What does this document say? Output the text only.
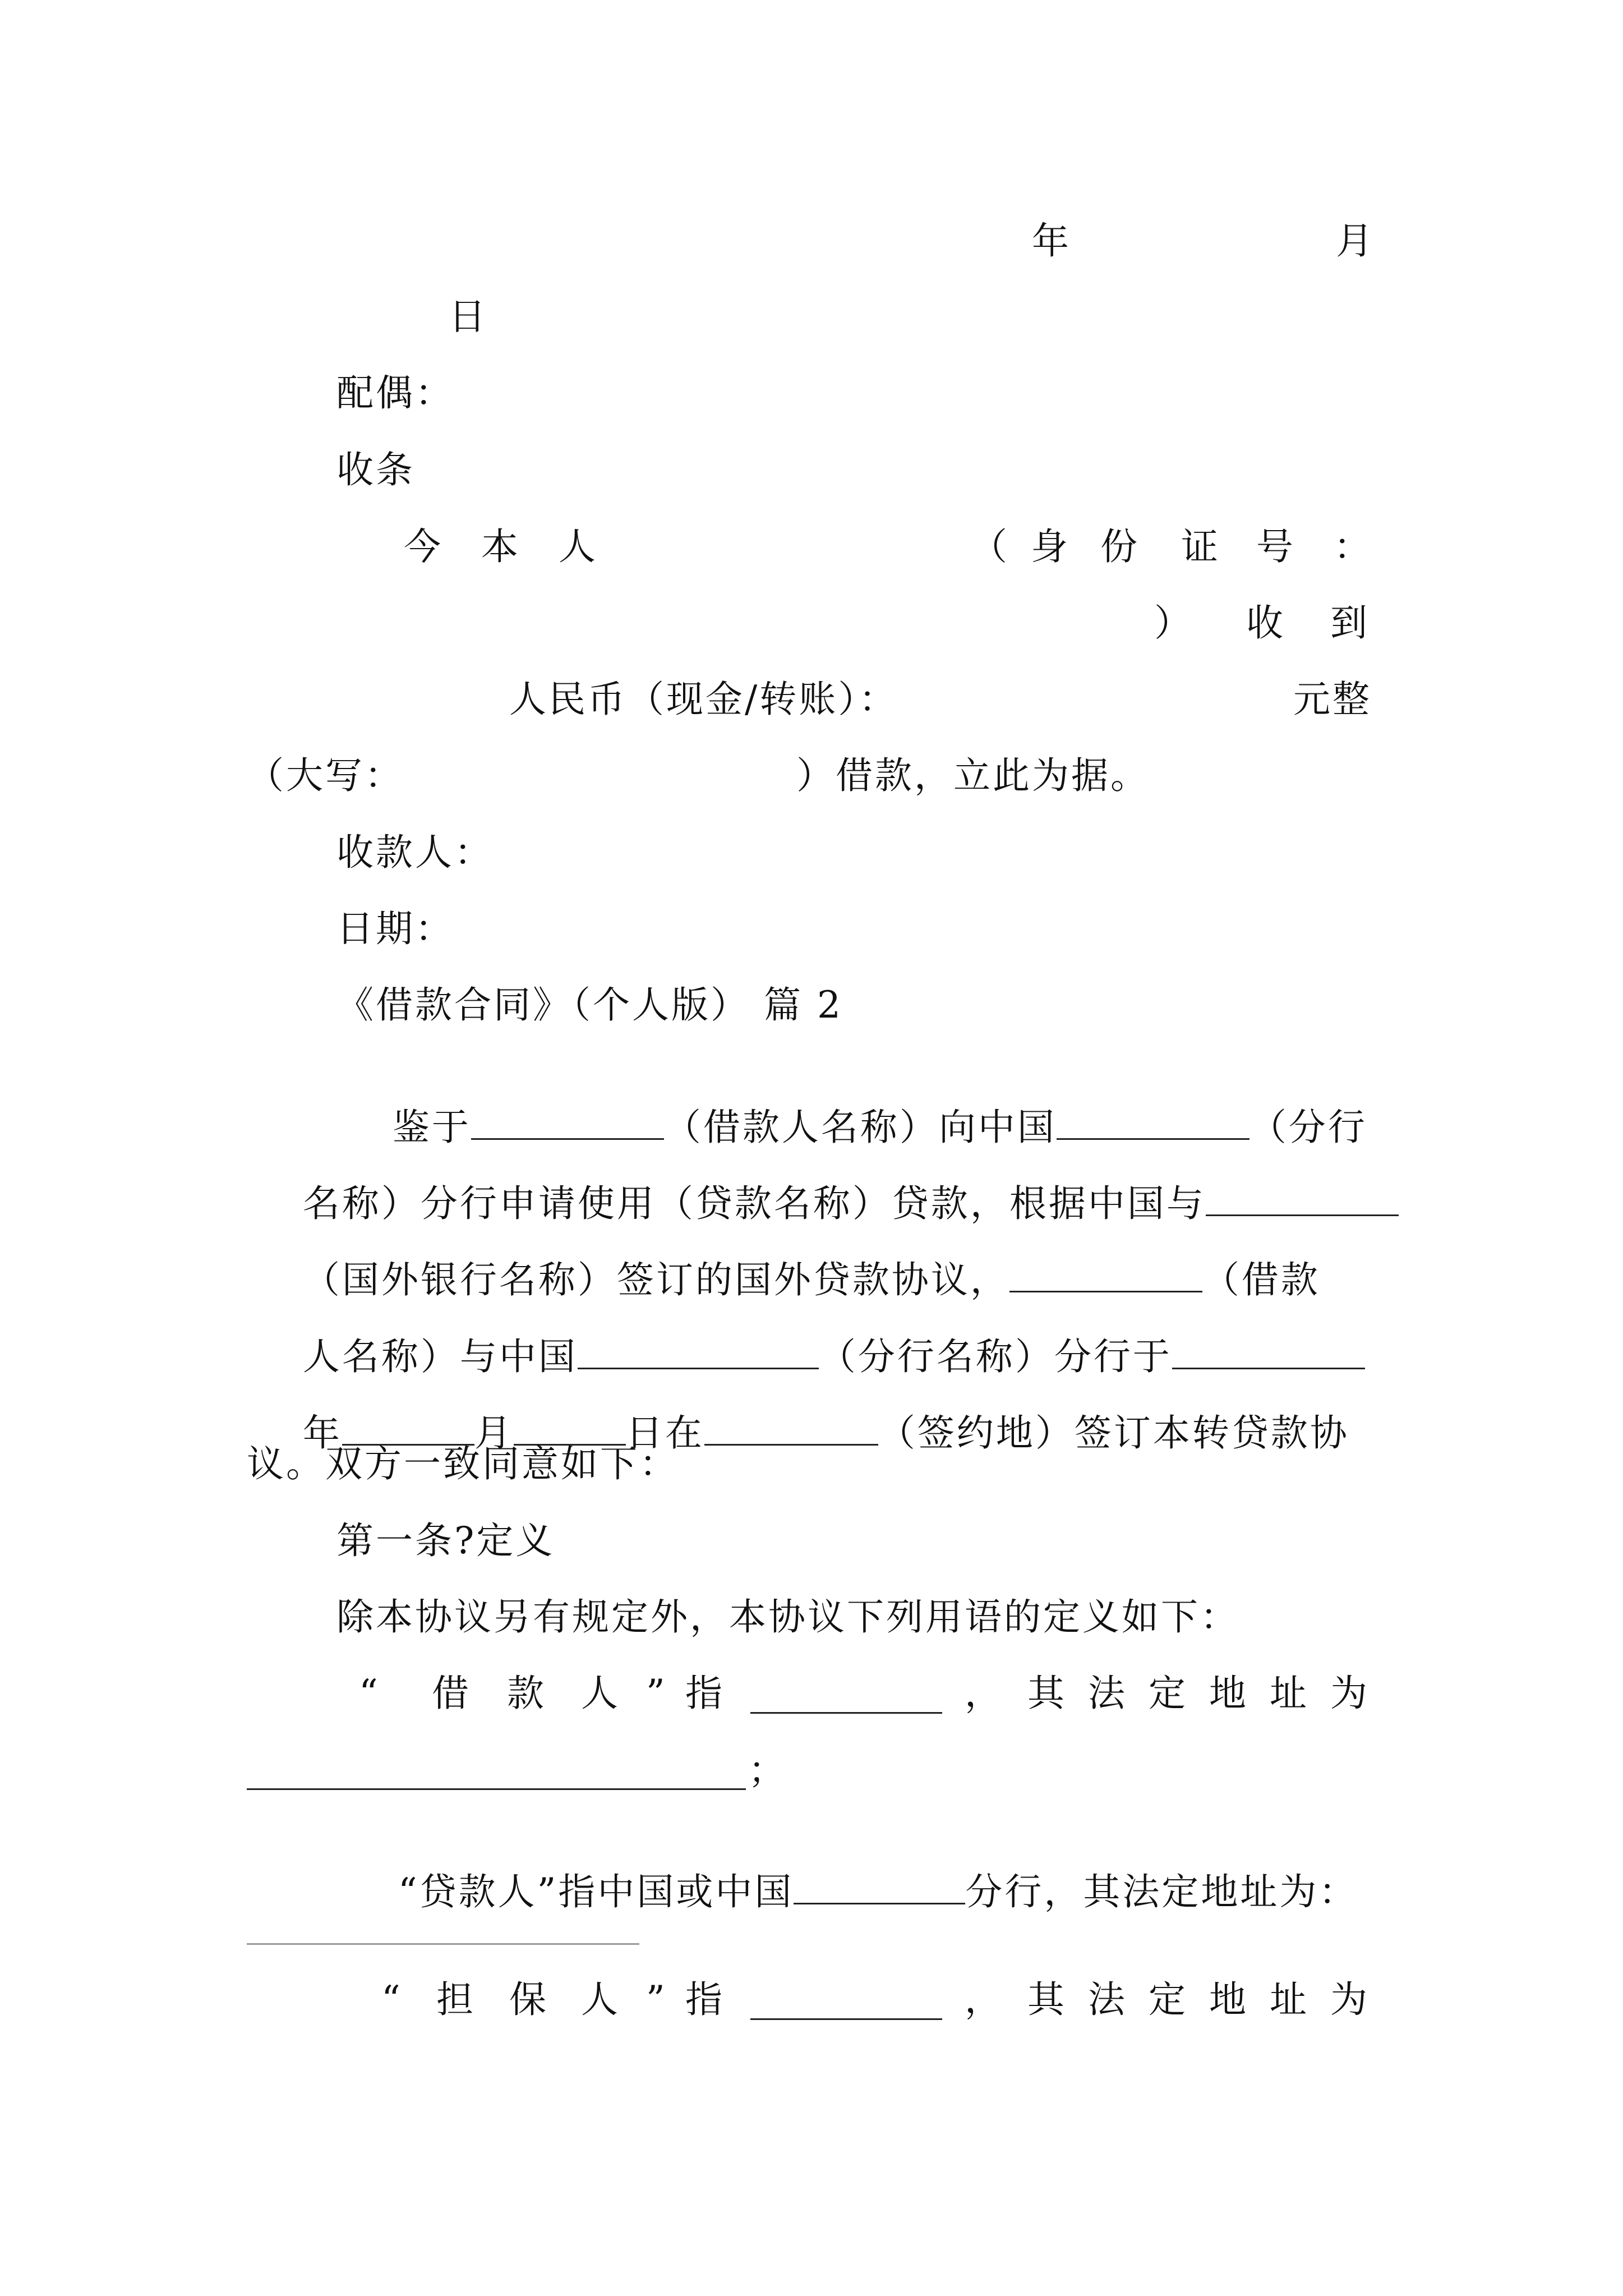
年	月
日
配偶：
收条
今 本 人	（ 身 份 证 号 ：
） 收 到
人民币（现金/转账）：	元整
（大写：	）借款，立此为据。
收款人：
日期：
《借款合同》（个人版） 篇 2

鉴于	（借款人名称）向中国	（分行

名称）分行申请使用（贷款名称）贷款，根据中国与

（国外银行名称）签订的国外贷款协议，	（借款

人名称）与中国	（分行名称）分行于

年	月	日在	（签约地）签订本转贷款协

议。双方一致同意如下：
第一条?定义
除本协议另有规定外，本协议下列用语的定义如下：
“ 借 款 人 ” 指	， 其 法 定 地 址 为
；

“贷款人”指中国或中国	分行，其法定地址为：

“ 担 保 人 ” 指	， 其 法 定 地 址 为
